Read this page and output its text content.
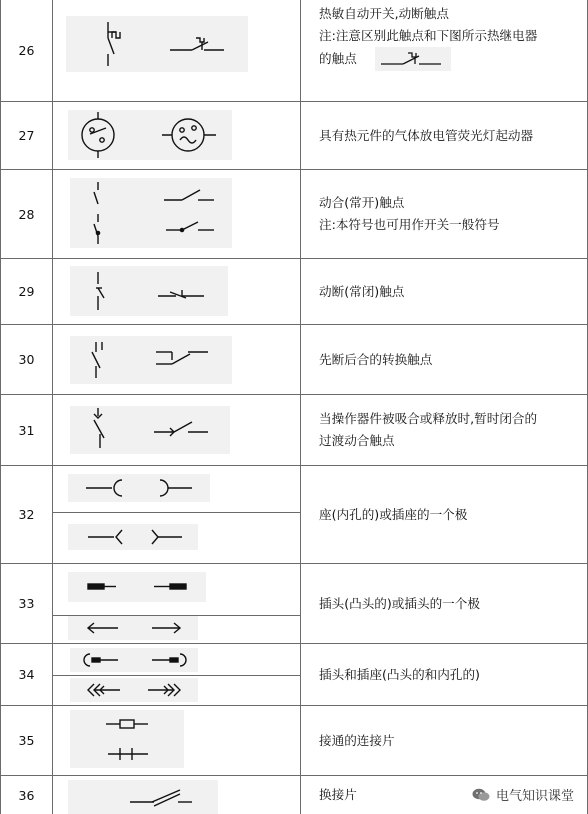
26
27
28
29
30
31
32
33
34
35
36
热敏自动开关,动断触点
注:注意区别此触点和下图所示热继电器
的触点
具有热元件的气体放电管荧光灯起动器
动合(常开)触点
注:本符号也可用作开关一般符号
动断(常闭)触点
先断后合的转换触点
当操作器件被吸合或释放时,暂时闭合的
过渡动合触点
座(内孔的)或插座的一个极
插头(凸头的)或插头的一个极
插头和插座(凸头的和内孔的)
接通的连接片
换接片	电气知识课堂
